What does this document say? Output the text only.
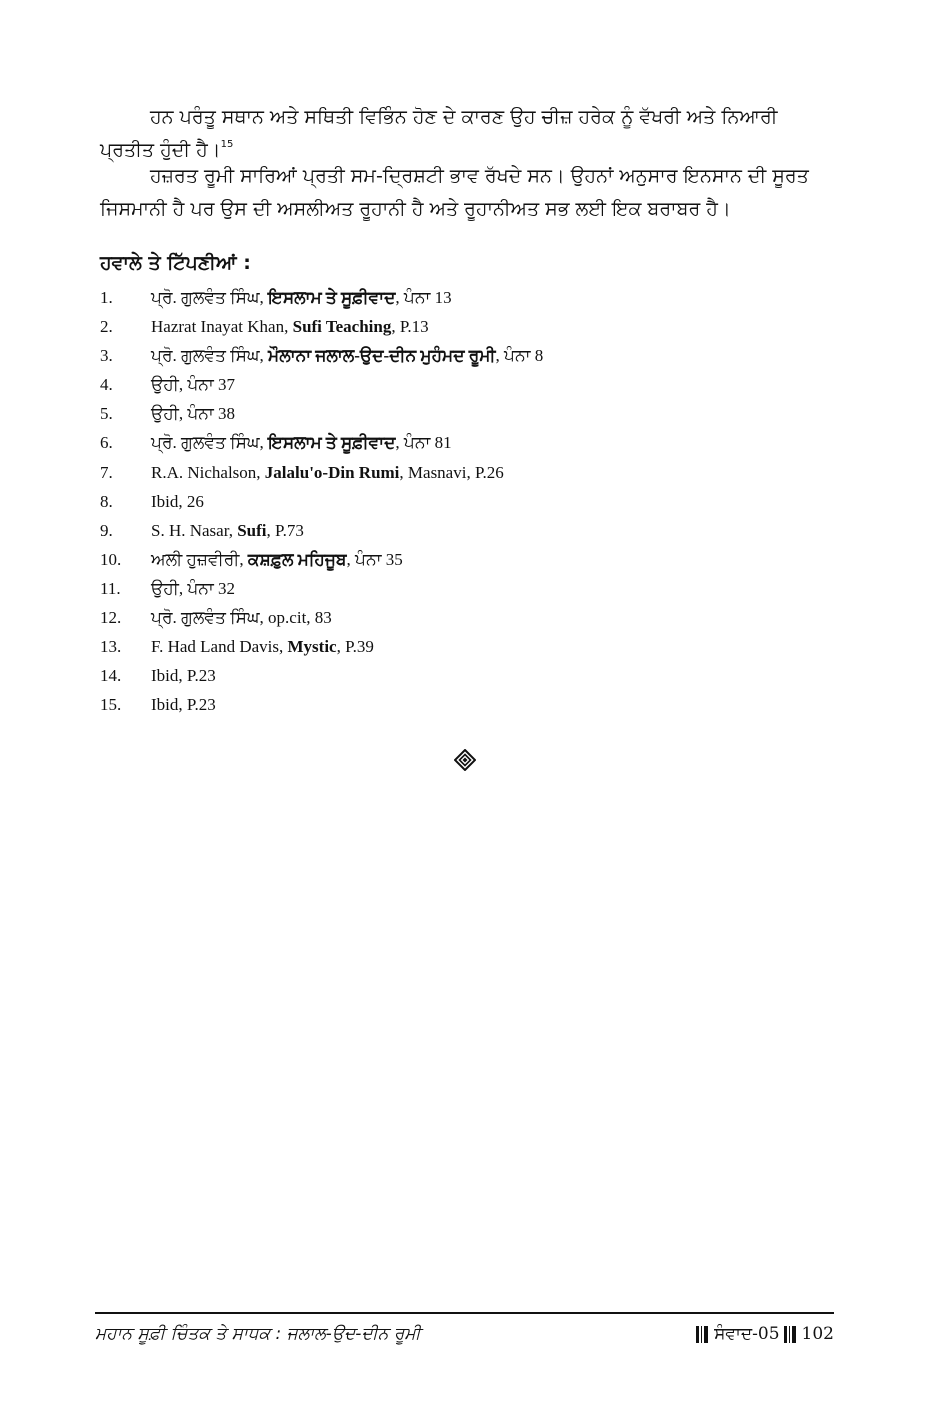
ਹਨ ਪਰੰਤੂ ਸਥਾਨ ਅਤੇ ਸਥਿਤੀ ਵਿਭਿੰਨ ਹੋਣ ਦੇ ਕਾਰਣ ਉਹ ਚੀਜ਼ ਹਰੇਕ ਨੂੰ ਵੱਖਰੀ ਅਤੇ ਨਿਆਰੀ
ਪ੍ਰਤੀਤ ਹੁੰਦੀ ਹੈ।$^{15}$
ਹਜ਼ਰਤ ਰੂਮੀ ਸਾਰਿਆਂ ਪ੍ਰਤੀ ਸਮ-ਦ੍ਰਿਸ਼ਟੀ ਭਾਵ ਰੱਖਦੇ ਸਨ। ਉਹਨਾਂ ਅਨੁਸਾਰ ਇਨਸਾਨ ਦੀ ਸੂਰਤ
ਜਿਸਮਾਨੀ ਹੈ ਪਰ ਉਸ ਦੀ ਅਸਲੀਅਤ ਰੂਹਾਨੀ ਹੈ ਅਤੇ ਰੂਹਾਨੀਅਤ ਸਭ ਲਈ ਇਕ ਬਰਾਬਰ ਹੈ।
ਹਵਾਲੇ ਤੇ ਟਿੱਪਣੀਆਂ :
1. ਪ੍ਰੋ. ਗੁਲਵੰਤ ਸਿੰਘ, ਇਸਲਾਮ ਤੇ ਸੂਫ਼ੀਵਾਦ, ਪੰਨਾ 13
2. Hazrat Inayat Khan, Sufi Teaching, P.13
3. ਪ੍ਰੋ. ਗੁਲਵੰਤ ਸਿੰਘ, ਮੌਲਾਨਾ ਜਲਾਲ-ਉਦ-ਦੀਨ ਮੁਹੰਮਦ ਰੂਮੀ, ਪੰਨਾ 8
4. ਉਹੀ, ਪੰਨਾ 37
5. ਉਹੀ, ਪੰਨਾ 38
6. ਪ੍ਰੋ. ਗੁਲਵੰਤ ਸਿੰਘ, ਇਸਲਾਮ ਤੇ ਸੂਫ਼ੀਵਾਦ, ਪੰਨਾ 81
7. R.A. Nichalson, Jalalu'o-Din Rumi, Masnavi, P.26
8. Ibid, 26
9. S. H. Nasar, Sufi, P.73
10. ਅਲੀ ਹੁਜ਼ਵੀਰੀ, ਕਸ਼ਫ਼ੁਲ ਮਹਿਜੂਬ, ਪੰਨਾ 35
11. ਉਹੀ, ਪੰਨਾ 32
12. ਪ੍ਰੋ. ਗੁਲਵੰਤ ਸਿੰਘ, op.cit, 83
13. F. Had Land Davis, Mystic, P.39
14. Ibid, P.23
15. Ibid, P.23
ਮਹਾਨ ਸੂਫ਼ੀ ਚਿੰਤਕ ਤੇ ਸਾਧਕ : ਜਲਾਲ-ਉਦ-ਦੀਨ ਰੂਮੀ	ਸੰਵਾਦ-05 102
